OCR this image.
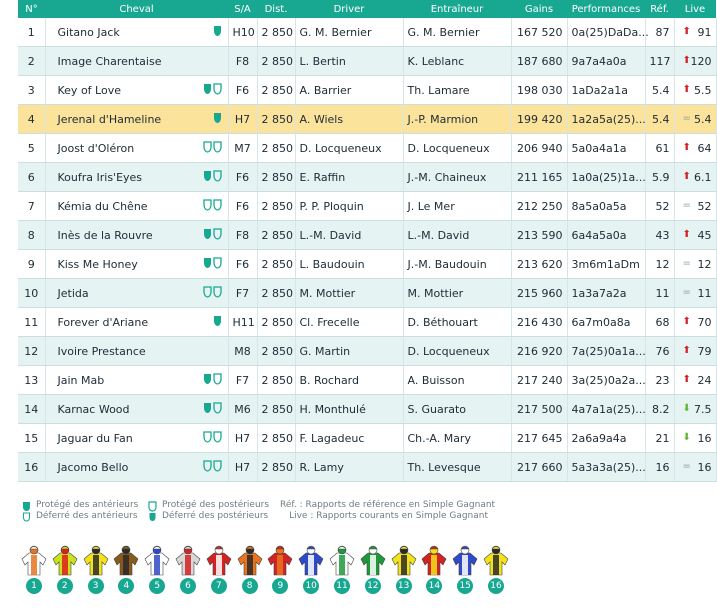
N°	Cheval	S/A	Dist.	Driver	Entraîneur	Gains	Performances	Réf.	Live
1	Gitano Jack	H10	2 850	G. M. Bernier	G. M. Bernier	167 520	0a(25)DaDa...	87	⬆ 91
2	Image Charentaise	F8	2 850	L. Bertin	K. Leblanc	187 680	9a7a4a0a	117	⬆ 120
3	Key of Love	F6	2 850	A. Barrier	Th. Lamare	198 030	1aDa2a1a	5.4	⬆ 5.5
4	Jerenal d'Hameline	H7	2 850	A. Wiels	J.-P. Marmion	199 420	1a2a5a(25)...	5.4	= 5.4
5	Joost d'Oléron	M7	2 850	D. Locqueneux	D. Locqueneux	206 940	5a0a4a1a	61	⬆ 64
6	Koufra Iris'Eyes	F6	2 850	E. Raffin	J.-M. Chaineux	211 165	1a0a(25)1a...	5.9	⬆ 6.1
7	Kémia du Chêne	F6	2 850	P. P. Ploquin	J. Le Mer	212 250	8a5a0a5a	52	= 52
8	Inès de la Rouvre	F8	2 850	L.-M. David	L.-M. David	213 590	6a4a5a0a	43	⬆ 45
9	Kiss Me Honey	F6	2 850	L. Baudouin	J.-M. Baudouin	213 620	3m6m1aDm	12	= 12
10	Jetida	F7	2 850	M. Mottier	M. Mottier	215 960	1a3a7a2a	11	= 11
11	Forever d'Ariane	H11	2 850	Cl. Frecelle	D. Béthouart	216 430	6a7m0a8a	68	⬆ 70
12	Ivoire Prestance	M8	2 850	G. Martin	D. Locqueneux	216 920	7a(25)0a1a...	76	⬆ 79
13	Jain Mab	F7	2 850	B. Rochard	A. Buisson	217 240	3a(25)0a2a...	23	⬆ 24
14	Karnac Wood	M6	2 850	H. Monthulé	S. Guarato	217 500	4a7a1a(25)...	8.2	⬇ 7.5
15	Jaguar du Fan	H7	2 850	F. Lagadeuc	Ch.-A. Mary	217 645	2a6a9a4a	21	⬇ 16
16	Jacomo Bello	H7	2 850	R. Lamy	Th. Levesque	217 660	5a3a3a(25)...	16	= 16
Protégé des antérieurs
Déferré des antérieurs
Protégé des postérieurs
Déferré des postérieurs
Réf. : Rapports de référence en Simple Gagnant
Live : Rapports courants en Simple Gagnant
1	2	3	4	5	6	7	8	9	10 11 12 13 14 15 16
